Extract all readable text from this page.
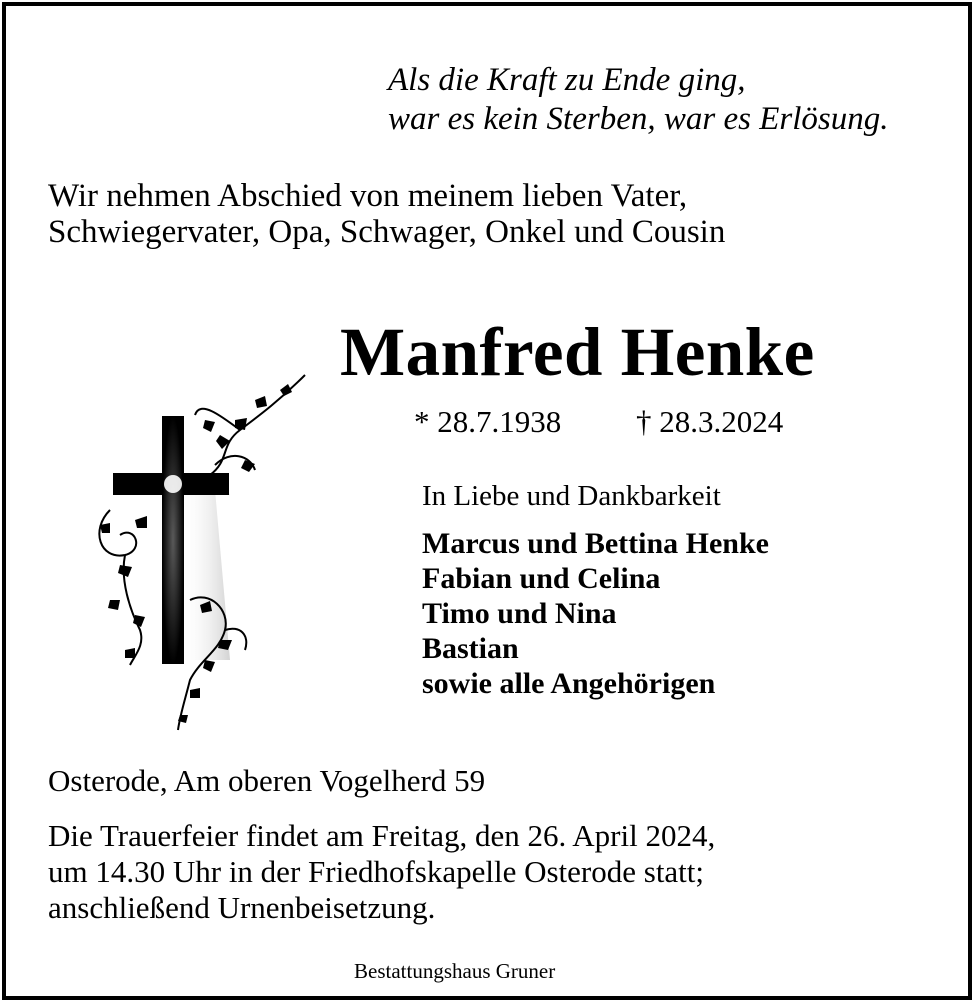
Als die Kraft zu Ende ging,
war es kein Sterben, war es Erlösung.
Wir nehmen Abschied von meinem lieben Vater,
Schwiegervater, Opa, Schwager, Onkel und Cousin
Manfred Henke
* 28.7.1938 † 28.3.2024
In Liebe und Dankbarkeit
Marcus und Bettina Henke
Fabian und Celina
Timo und Nina
Bastian
sowie alle Angehörigen
Osterode, Am oberen Vogelherd 59
Die Trauerfeier findet am Freitag, den 26. April 2024,
um 14.30 Uhr in der Friedhofskapelle Osterode statt;
anschließend Urnenbeisetzung.
Bestattungshaus Gruner
